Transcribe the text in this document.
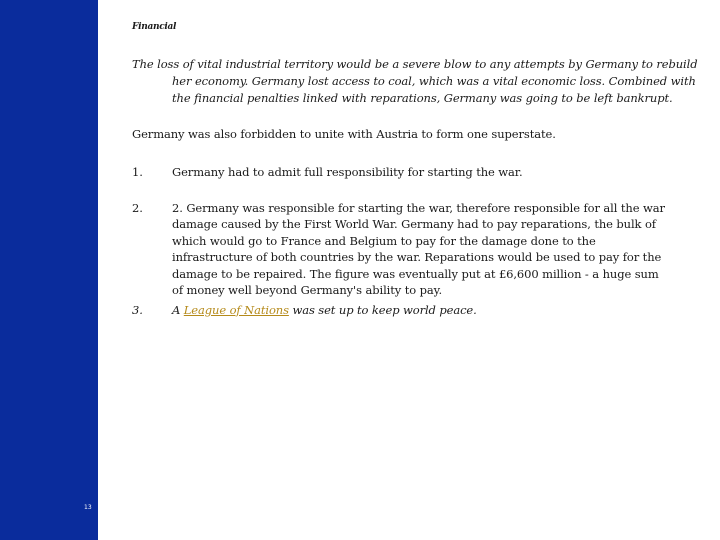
13
Financial
The loss of vital industrial territory would be a severe blow to any attempts by Germany to rebuild her economy. Germany lost access to coal, which was a vital economic loss. Combined with the financial penalties linked with reparations, Germany was going to be left bankrupt.
Germany was also forbidden to unite with Austria to form one superstate.
1.	Germany had to admit full responsibility for starting the war.
2.	2. Germany was responsible for starting the war, therefore responsible for all the war damage caused by the First World War. Germany had to pay reparations, the bulk of which would go to France and Belgium to pay for the damage done to the infrastructure of both countries by the war. Reparations would be used to pay for the damage to be repaired. The figure was eventually put at £6,600 million - a huge sum of money well beyond Germany's ability to pay.
3.	A League of Nations was set up to keep world peace.
